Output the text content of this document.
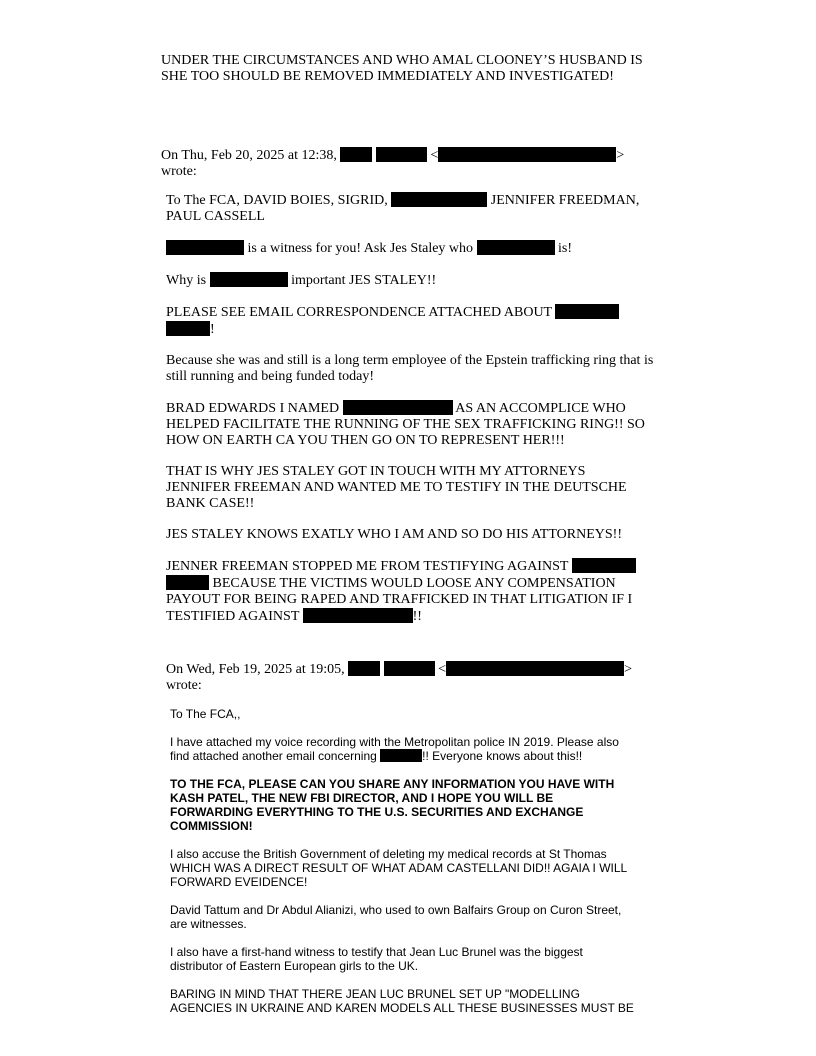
UNDER THE CIRCUMSTANCES AND WHO AMAL CLOONEY’S HUSBAND IS

SHE TOO SHOULD BE REMOVED IMMEDIATELY AND INVESTIGATED!

On Thu, Feb 20, 2025 at 12:38,	<	>

wrote:

To The FCA, DAVID BOIES, SIGRID,	JENNIFER FREEDMAN,

PAUL CASSELL

is a witness for you! Ask Jes Staley who	is!

Why is	important JES STALEY!!

PLEASE SEE EMAIL CORRESPONDENCE ATTACHED ABOUT

!

Because she was and still is a long term employee of the Epstein trafficking ring that is

still running and being funded today!

BRAD EDWARDS I NAMED	AS AN ACCOMPLICE WHO

HELPED FACILITATE THE RUNNING OF THE SEX TRAFFICKING RING!! SO

HOW ON EARTH CA YOU THEN GO ON TO REPRESENT HER!!!

THAT IS WHY JES STALEY GOT IN TOUCH WITH MY ATTORNEYS

JENNIFER FREEMAN AND WANTED ME TO TESTIFY IN THE DEUTSCHE

BANK CASE!!

JES STALEY KNOWS EXATLY WHO I AM AND SO DO HIS ATTORNEYS!!

JENNER FREEMAN STOPPED ME FROM TESTIFYING AGAINST

BECAUSE THE VICTIMS WOULD LOOSE ANY COMPENSATION

PAYOUT FOR BEING RAPED AND TRAFFICKED IN THAT LITIGATION IF I

TESTIFIED AGAINST	!!

On Wed, Feb 19, 2025 at 19:05,	<	>

wrote:

To The FCA,,

I have attached my voice recording with the Metropolitan police IN 2019. Please also

find attached another email concerning	!! Everyone knows about this!!

TO THE FCA, PLEASE CAN YOU SHARE ANY INFORMATION YOU HAVE WITH

KASH PATEL, THE NEW FBI DIRECTOR, AND I HOPE YOU WILL BE

FORWARDING EVERYTHING TO THE U.S. SECURITIES AND EXCHANGE

COMMISSION!

I also accuse the British Government of deleting my medical records at St Thomas

WHICH WAS A DIRECT RESULT OF WHAT ADAM CASTELLANI DID!! AGAIA I WILL

FORWARD EVEIDENCE!

David Tattum and Dr Abdul Alianizi, who used to own Balfairs Group on Curon Street,

are witnesses.

I also have a first-hand witness to testify that Jean Luc Brunel was the biggest

distributor of Eastern European girls to the UK.

BARING IN MIND THAT THERE JEAN LUC BRUNEL SET UP "MODELLING

AGENCIES IN UKRAINE AND KAREN MODELS ALL THESE BUSINESSES MUST BE
